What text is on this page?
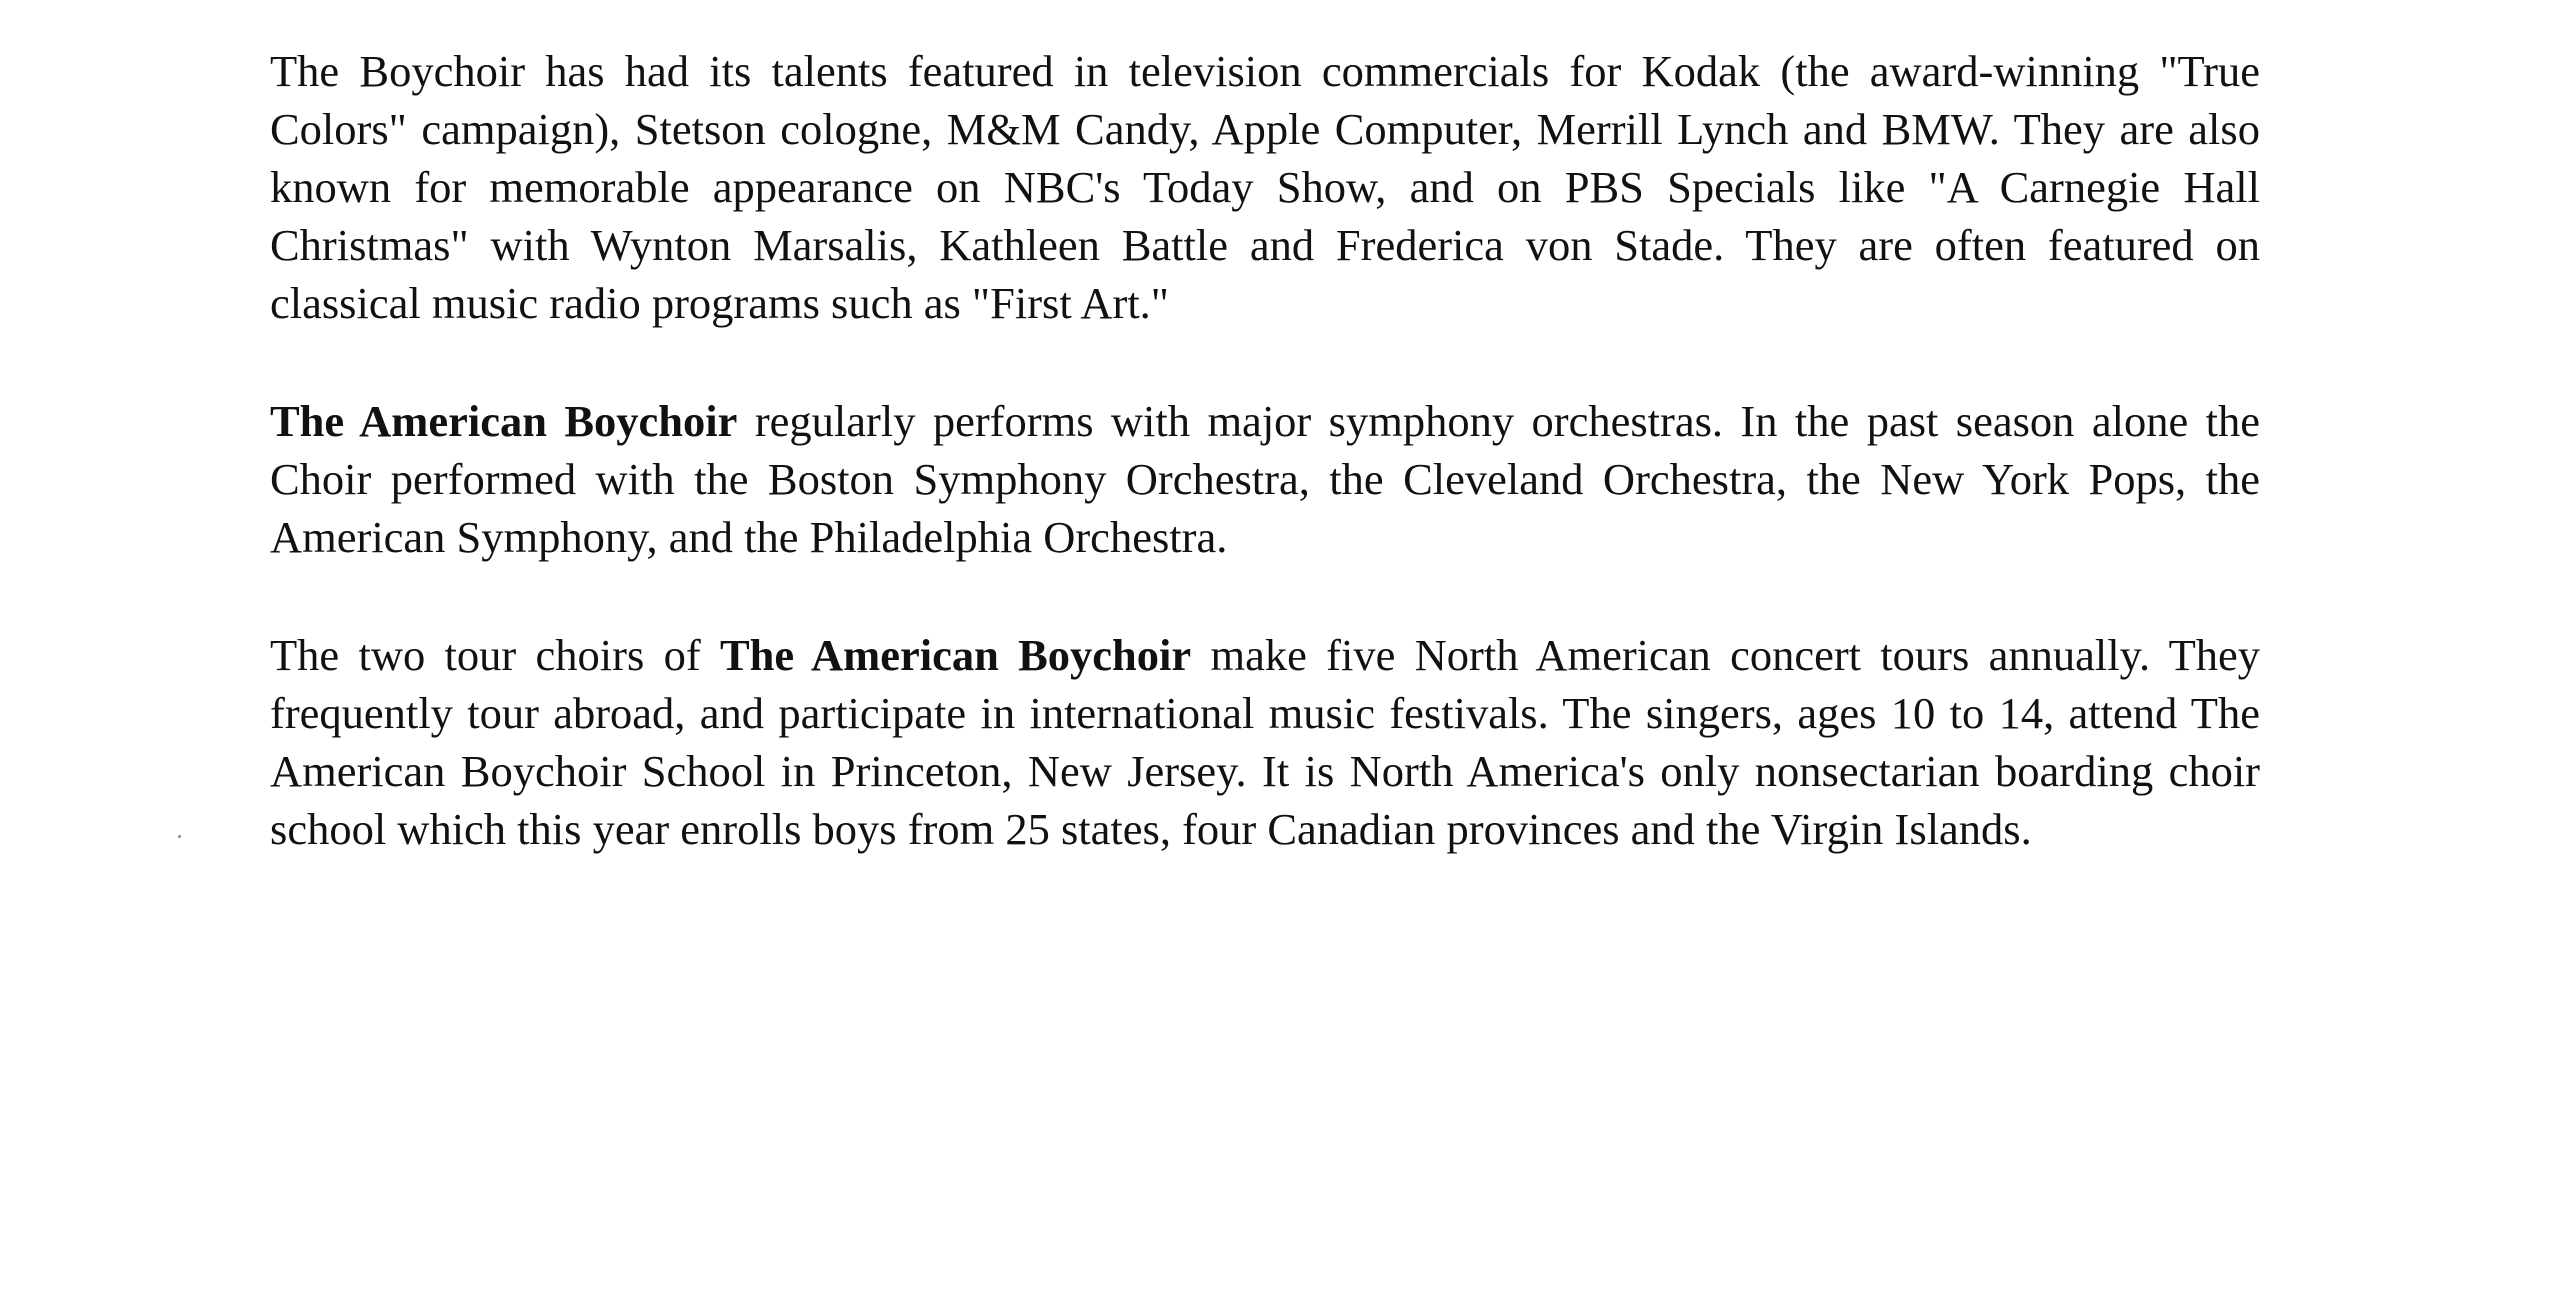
The Boychoir has had its talents featured in television commercials for Kodak (the award-winning "True Colors" campaign), Stetson cologne, M&M Candy, Apple Computer, Merrill Lynch and BMW. They are also known for memorable appearance on NBC's Today Show, and on PBS Specials like "A Carnegie Hall Christmas" with Wynton Marsalis, Kathleen Battle and Frederica von Stade. They are often featured on classical music radio programs such as "First Art."

The American Boychoir regularly performs with major symphony orchestras. In the past season alone the Choir performed with the Boston Symphony Orchestra, the Cleveland Orchestra, the New York Pops, the American Symphony, and the Philadelphia Orchestra.

The two tour choirs of The American Boychoir make five North American concert tours annually. They frequently tour abroad, and participate in international music festivals. The singers, ages 10 to 14, attend The American Boychoir School in Princeton, New Jersey. It is North America's only nonsectarian boarding choir school which this year enrolls boys from 25 states, four Canadian provinces and the Virgin Islands.
